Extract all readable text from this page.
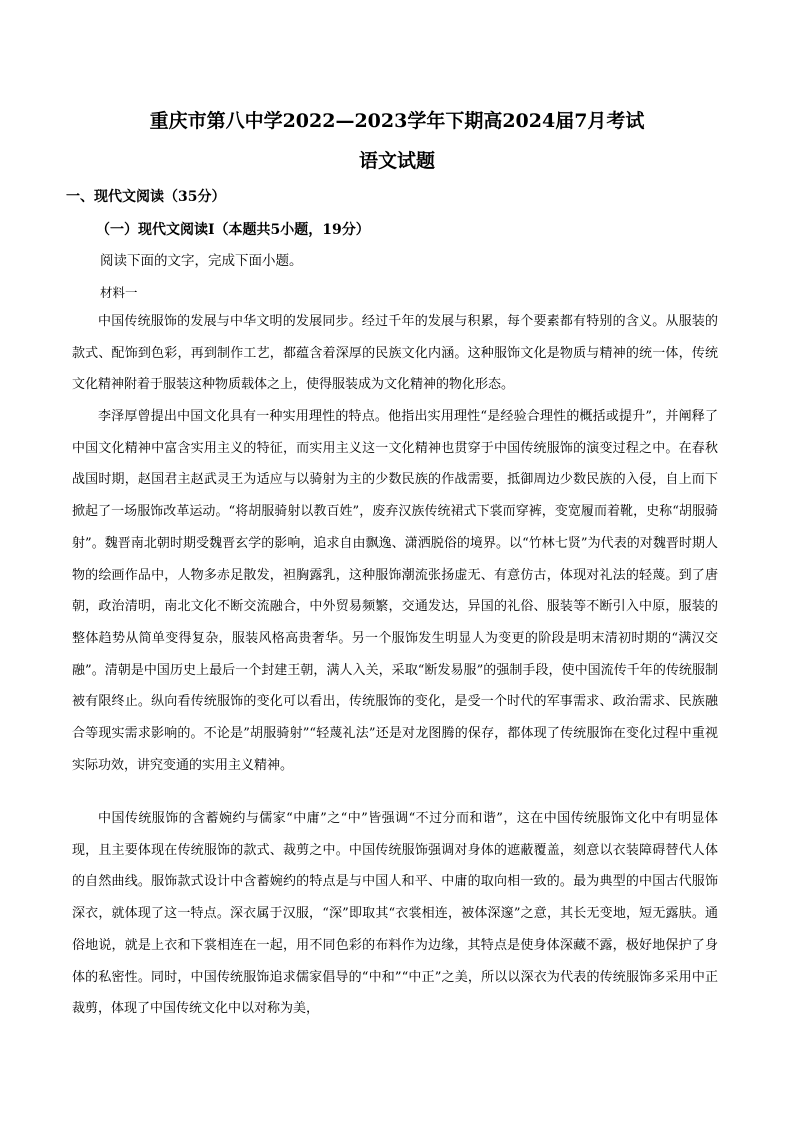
重庆市第八中学2022—2023学年下期高2024届7月考试
语文试题
一、现代文阅读（35分）
（一）现代文阅读Ⅰ（本题共5小题，19分）
阅读下面的文字，完成下面小题。
材料一

中国传统服饰的发展与中华文明的发展同步。经过千年的发展与积累，每个要素都有特别的含义。从服装的款式、配饰到色彩，再到制作工艺，都蕴含着深厚的民族文化内涵。这种服饰文化是物质与精神的统一体，传统文化精神附着于服装这种物质载体之上，使得服装成为文化精神的物化形态。

李泽厚曾提出中国文化具有一种实用理性的特点。他指出实用理性“是经验合理性的概括或提升”，并阐释了中国文化精神中富含实用主义的特征，而实用主义这一文化精神也贯穿于中国传统服饰的演变过程之中。在春秋战国时期，赵国君主赵武灵王为适应与以骑射为主的少数民族的作战需要，抵御周边少数民族的入侵，自上而下掀起了一场服饰改革运动。“将胡服骑射以教百姓”，废弃汉族传统裙式下裳而穿裤，变宽履而着靴，史称“胡服骑射”。魏晋南北朝时期受魏晋玄学的影响，追求自由飘逸、潇洒脱俗的境界。以“竹林七贤”为代表的对魏晋时期人物的绘画作品中，人物多赤足散发，袒胸露乳，这种服饰潮流张扬虚无、有意仿古，体现对礼法的轻蔑。到了唐朝，政治清明，南北文化不断交流融合，中外贸易频繁，交通发达，异国的礼俗、服装等不断引入中原，服装的整体趋势从简单变得复杂，服装风格高贵奢华。另一个服饰发生明显人为变更的阶段是明末清初时期的“满汉交融”。清朝是中国历史上最后一个封建王朝，满人入关，采取“断发易服”的强制手段，使中国流传千年的传统服制被有限终止。纵向看传统服饰的变化可以看出，传统服饰的变化，是受一个时代的军事需求、政治需求、民族融合等现实需求影响的。不论是”胡服骑射”“轻蔑礼法”还是对龙图腾的保存，都体现了传统服饰在变化过程中重视实际功效，讲究变通的实用主义精神。

中国传统服饰的含蓄婉约与儒家“中庸”之“中”皆强调“不过分而和谐”，这在中国传统服饰文化中有明显体现，且主要体现在传统服饰的款式、裁剪之中。中国传统服饰强调对身体的遮蔽覆盖，刻意以衣装障碍替代人体的自然曲线。服饰款式设计中含蓄婉约的特点是与中国人和平、中庸的取向相一致的。最为典型的中国古代服饰深衣，就体现了这一特点。深衣属于汉服，“深”即取其“衣裳相连，被体深邃”之意，其长无变地，短无露肤。通俗地说，就是上衣和下裳相连在一起，用不同色彩的布料作为边缘，其特点是使身体深藏不露，极好地保护了身体的私密性。同时，中国传统服饰追求儒家倡导的“中和”“中正”之美，所以以深衣为代表的传统服饰多采用中正裁剪，体现了中国传统文化中以对称为美，
